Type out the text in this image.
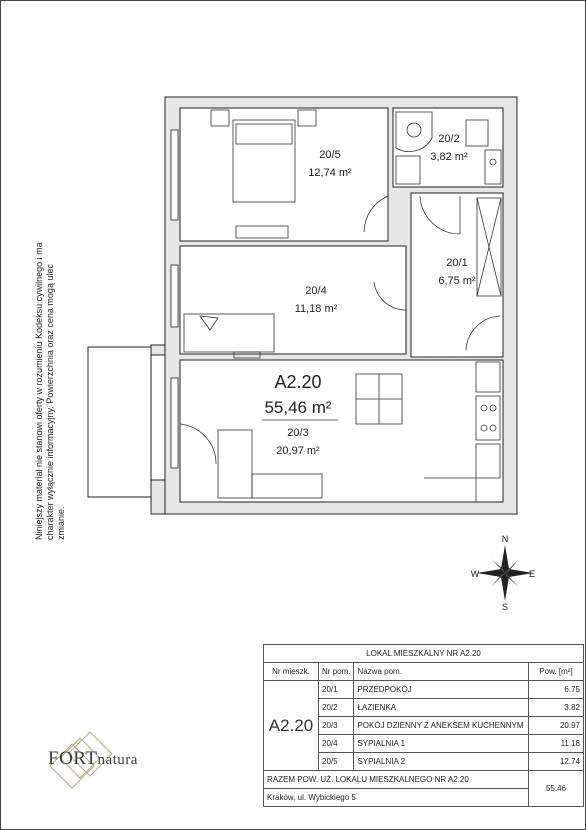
Niniejszy materiał nie stanowi oferty w rozumieniu Kodeksu cywilnego i ma charakter wyłącznie informacyjny. Powierzchnia oraz cena mogą ulec zmianie.
20/5
12,74 m²
20/4
11,18 m²
20/2
3,82 m²
20/1
6,75 m²
A2.20
55,46 m²
20/3
20,97 m²
N
S
E
W
FORTnatura
LOKAL MIESZKALNY NR A2.20			
Nr mieszk.	Nr pom.	Nazwa pom.	Pow. [m²]
A2.20	20/1	PRZEDPOKÓJ	6.75
	20/2	ŁAZIENKA	3.82
	20/3	POKÓJ DZIENNY Z ANEKSEM KUCHENNYM	20.97
	20/4	SYPIALNIA 1	11.18
	20/5	SYPIALNIA 2	12.74
RAZEM POW. UŻ. LOKALU MIESZKALNEGO NR A2.20			55.46
Kraków, ul. Wybickiego 5			
